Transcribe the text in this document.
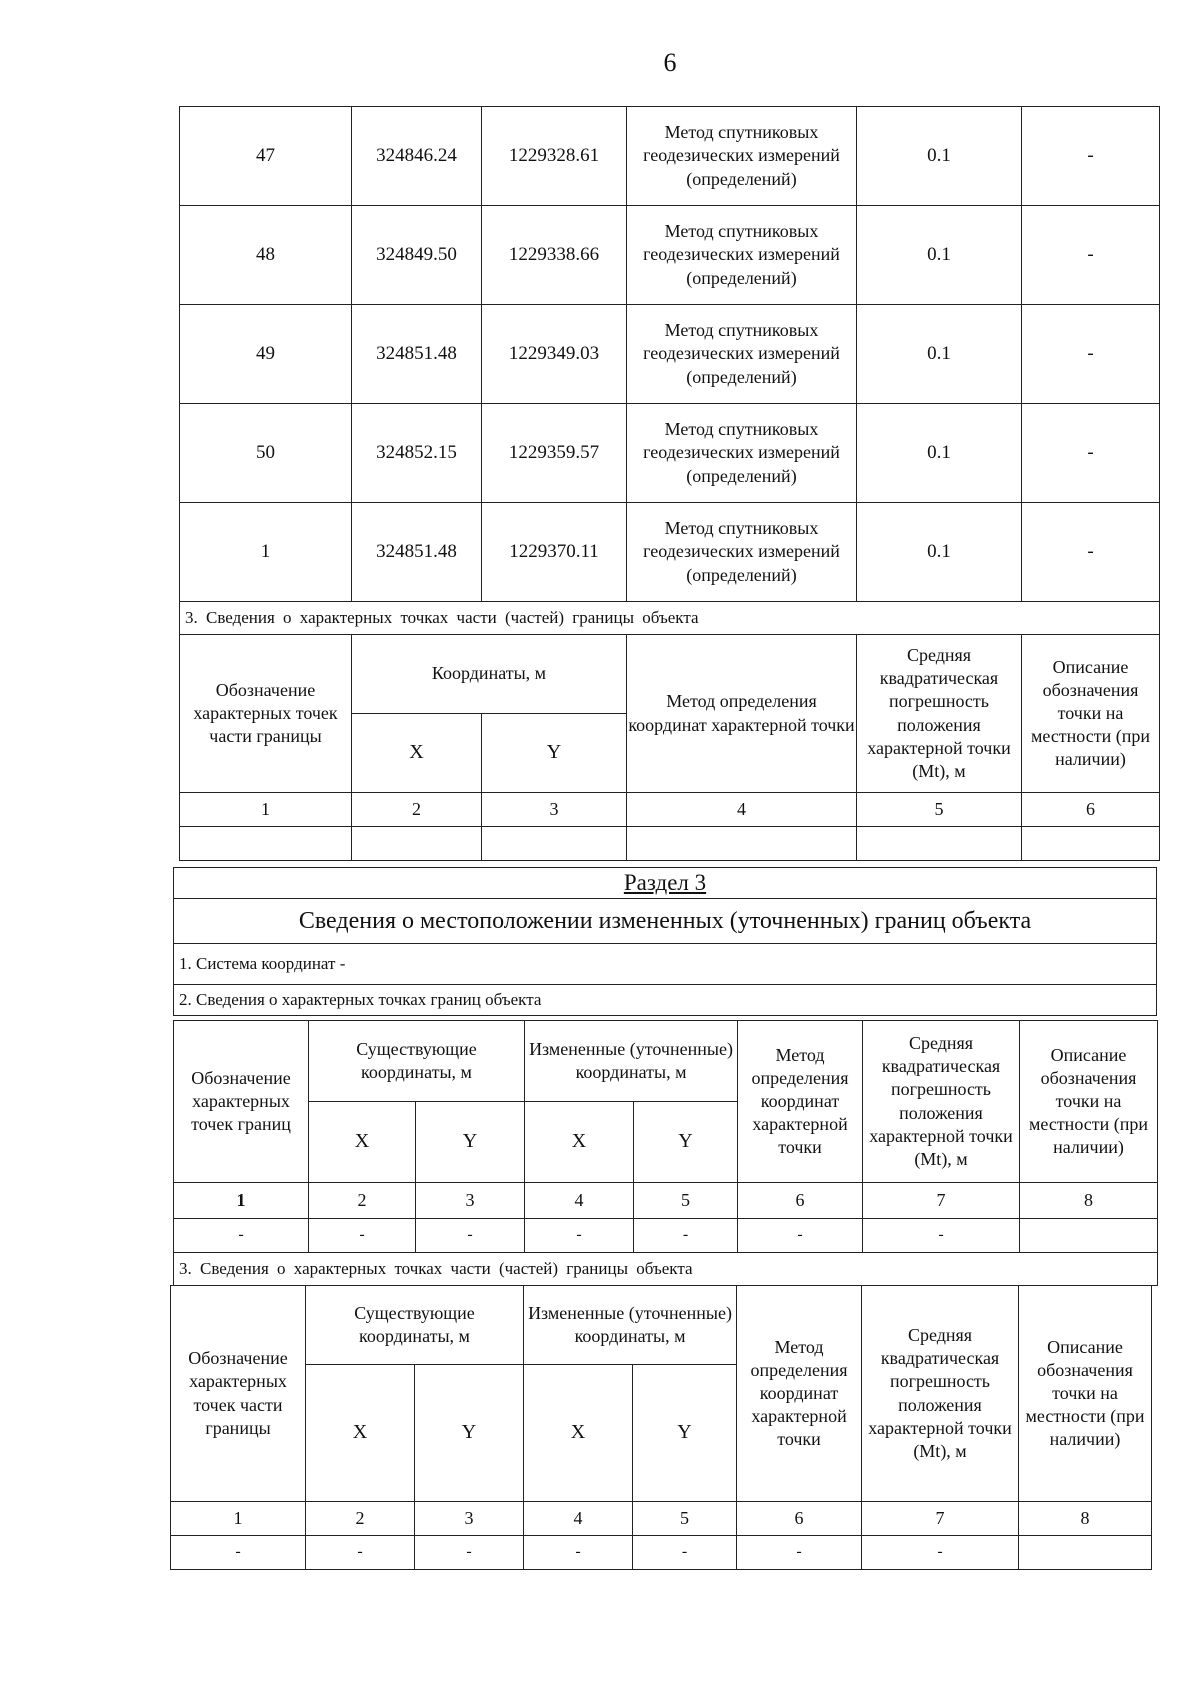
6
47	324846.24	1229328.61	Метод спутниковых геодезических измерений (определений)	0.1	-
48	324849.50	1229338.66	Метод спутниковых геодезических измерений (определений)	0.1	-
49	324851.48	1229349.03	Метод спутниковых геодезических измерений (определений)	0.1	-
50	324852.15	1229359.57	Метод спутниковых геодезических измерений (определений)	0.1	-
1	324851.48	1229370.11	Метод спутниковых геодезических измерений (определений)	0.1	-
3. Сведения о характерных точках части (частей) границы объекта					
Обозначение характерных точек части границы	Координаты, м		Метод определения координат характерной точки	Средняя квадратическая погрешность положения характерной точки (Mt), м	Описание обозначения точки на местности (при наличии)
	X	Y			
1	2	3	4	5	6

Раздел 3
Сведения о местоположении измененных (уточненных) границ объекта
1. Система координат -
2. Сведения о характерных точках границ объекта
Обозначение характерных точек границ	Существующие координаты, м		Измененные (уточненные) координаты, м		Метод определения координат характерной точки	Средняя квадратическая погрешность положения характерной точки (Mt), м	Описание обозначения точки на местности (при наличии)
	X	Y	X	Y			
1	2	3	4	5	6	7	8
-	-	-	-	-	-	-	
3. Сведения о характерных точках части (частей) границы объекта							
Обозначение характерных точек части границы	Существующие координаты, м		Измененные (уточненные) координаты, м		Метод определения координат характерной точки	Средняя квадратическая погрешность положения характерной точки (Mt), м	Описание обозначения точки на местности (при наличии)
	X	Y	X	Y			
1	2	3	4	5	6	7	8
-	-	-	-	-	-	-	
